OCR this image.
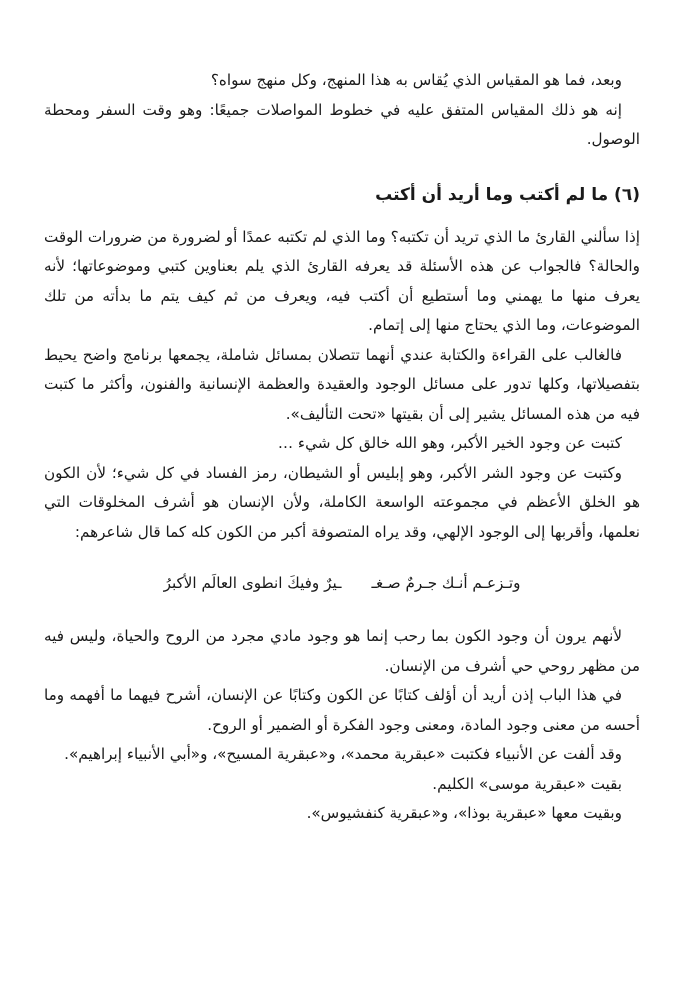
وبعد، فما هو المقياس الذي يُقاس به هذا المنهج، وكل منهج سواه؟

إنه هو ذلك المقياس المتفق عليه في خطوط المواصلات جميعًا: وهو وقت السفر ومحطة الوصول.

(٦) ما لم أكتب وما أريد أن أكتب

إذا سألني القارئ ما الذي تريد أن تكتبه؟ وما الذي لم تكتبه عمدًا أو لضرورة من ضرورات الوقت والحالة؟ فالجواب عن هذه الأسئلة قد يعرفه القارئ الذي يلم بعناوين كتبي وموضوعاتها؛ لأنه يعرف منها ما يهمني وما أستطيع أن أكتب فيه، ويعرف من ثم كيف يتم ما بدأته من تلك الموضوعات، وما الذي يحتاج منها إلى إتمام.

فالغالب على القراءة والكتابة عندي أنهما تتصلان بمسائل شاملة، يجمعها برنامج واضح يحيط بتفصيلاتها، وكلها تدور على مسائل الوجود والعقيدة والعظمة الإنسانية والفنون، وأكثر ما كتبت فيه من هذه المسائل يشير إلى أن بقيتها «تحت التأليف».

كتبت عن وجود الخير الأكبر، وهو الله خالق كل شيء …

وكتبت عن وجود الشر الأكبر، وهو إبليس أو الشيطان، رمز الفساد في كل شيء؛ لأن الكون هو الخلق الأعظم في مجموعته الواسعة الكاملة، ولأن الإنسان هو أشرف المخلوقات التي نعلمها، وأقربها إلى الوجود الإلهي، وقد يراه المتصوفة أكبر من الكون كله كما قال شاعرهم:

وتـزعـم أنـك جـرمٌ صـغـ
ـيرٌ وفيكَ انطوى العالَم الأكبرُ

لأنهم يرون أن وجود الكون بما رحب إنما هو وجود مادي مجرد من الروح والحياة، وليس فيه من مظهر روحي حي أشرف من الإنسان.

في هذا الباب إذن أريد أن أؤلف كتابًا عن الكون وكتابًا عن الإنسان، أشرح فيهما ما أفهمه وما أحسه من معنى وجود المادة، ومعنى وجود الفكرة أو الضمير أو الروح.

وقد ألفت عن الأنبياء فكتبت «عبقرية محمد»، و«عبقرية المسيح»، و«أبي الأنبياء إبراهيم».

بقيت «عبقرية موسى» الكليم.

وبقيت معها «عبقرية بوذا»، و«عبقرية كنفشيوس».
